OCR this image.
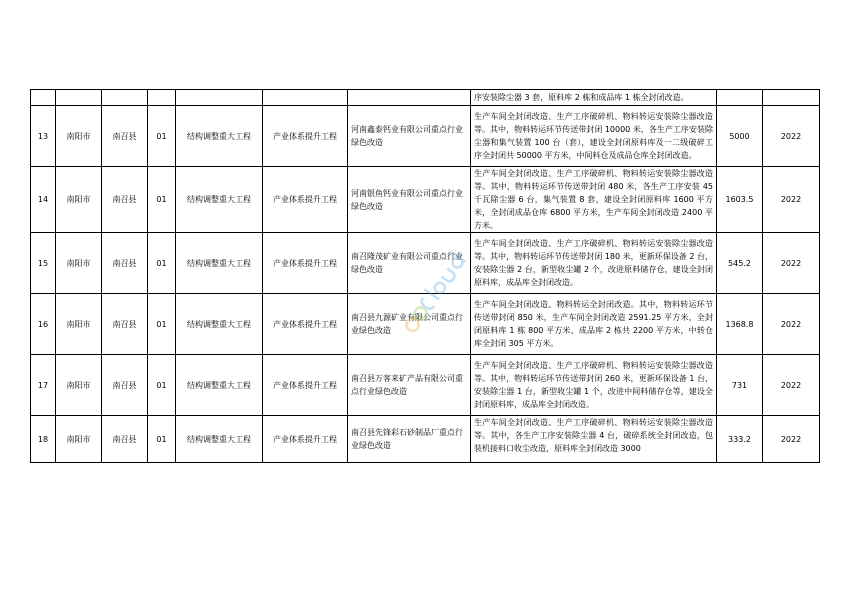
							序安装除尘器 3 套，原料库 2 栋和成品库 1 栋全封闭改造。		
13	南阳市	南召县	01	结构调整重大工程	产业体系提升工程	河南鑫泰钙业有限公司重点行业绿色改造	生产车间全封闭改造、生产工序破碎机、物料转运安装除尘器改造等。其中，物料转运环节传送带封闭 10000 米，各生产工序安装除尘器和集气装置 100 台（套），建设全封闭原料库及一二级破碎工序全封闭共 50000 平方米，中间料仓及成品仓库全封闭改造。	5000	2022
14	南阳市	南召县	01	结构调整重大工程	产业体系提升工程	河南银鱼钙业有限公司重点行业绿色改造	生产车间全封闭改造、生产工序破碎机、物料转运安装除尘器改造等。其中，物料转运环节传送带封闭 480 米，各生产工序安装 45 千瓦除尘器 6 台，集气装置 8 套，建设全封闭原料库 1600 平方米，全封闭成品仓库 6800 平方米，生产车间全封闭改造 2400 平方米。	1603.5	2022
15	南阳市	南召县	01	结构调整重大工程	产业体系提升工程	南召隆茂矿业有限公司重点行业绿色改造	生产车间全封闭改造、生产工序破碎机、物料转运安装除尘器改造等。其中，物料转运环节传送带封闭 180 米，更新环保设备 2 台，安装除尘器 2 台，新型收尘罐 2 个，改进原料储存仓，建设全封闭原料库，成品库全封闭改造。	545.2	2022
16	南阳市	南召县	01	结构调整重大工程	产业体系提升工程	南召县九源矿业有限公司重点行业绿色改造	生产车间全封闭改造、物料转运全封闭改造。其中，物料转运环节传送带封闭 850 米，生产车间全封闭改造 2591.25 平方米，全封闭原料库 1 栋 800 平方米、成品库 2 栋共 2200 平方米，中转仓库全封闭 305 平方米。	1368.8	2022
17	南阳市	南召县	01	结构调整重大工程	产业体系提升工程	南召县万客来矿产品有限公司重点行业绿色改造	生产车间全封闭改造、生产工序破碎机、物料转运安装除尘器改造等。其中，物料转运环节传送带封闭 260 米，更新环保设备 1 台，安装除尘器 1 台，新型收尘罐 1 个，改进中间料储存仓等，建设全封闭原料库，成品库全封闭改造。	731	2022
18	南阳市	南召县	01	结构调整重大工程	产业体系提升工程	南召县先锋彩石砂制品厂重点行业绿色改造	生产车间全封闭改造、生产工序破碎机、物料转运安装除尘器改造等。其中，各生产工序安装除尘器 4 台，破碎系统全封闭改造，包装机接料口收尘改造，原料库全封闭改造 3000	333.2	2022
